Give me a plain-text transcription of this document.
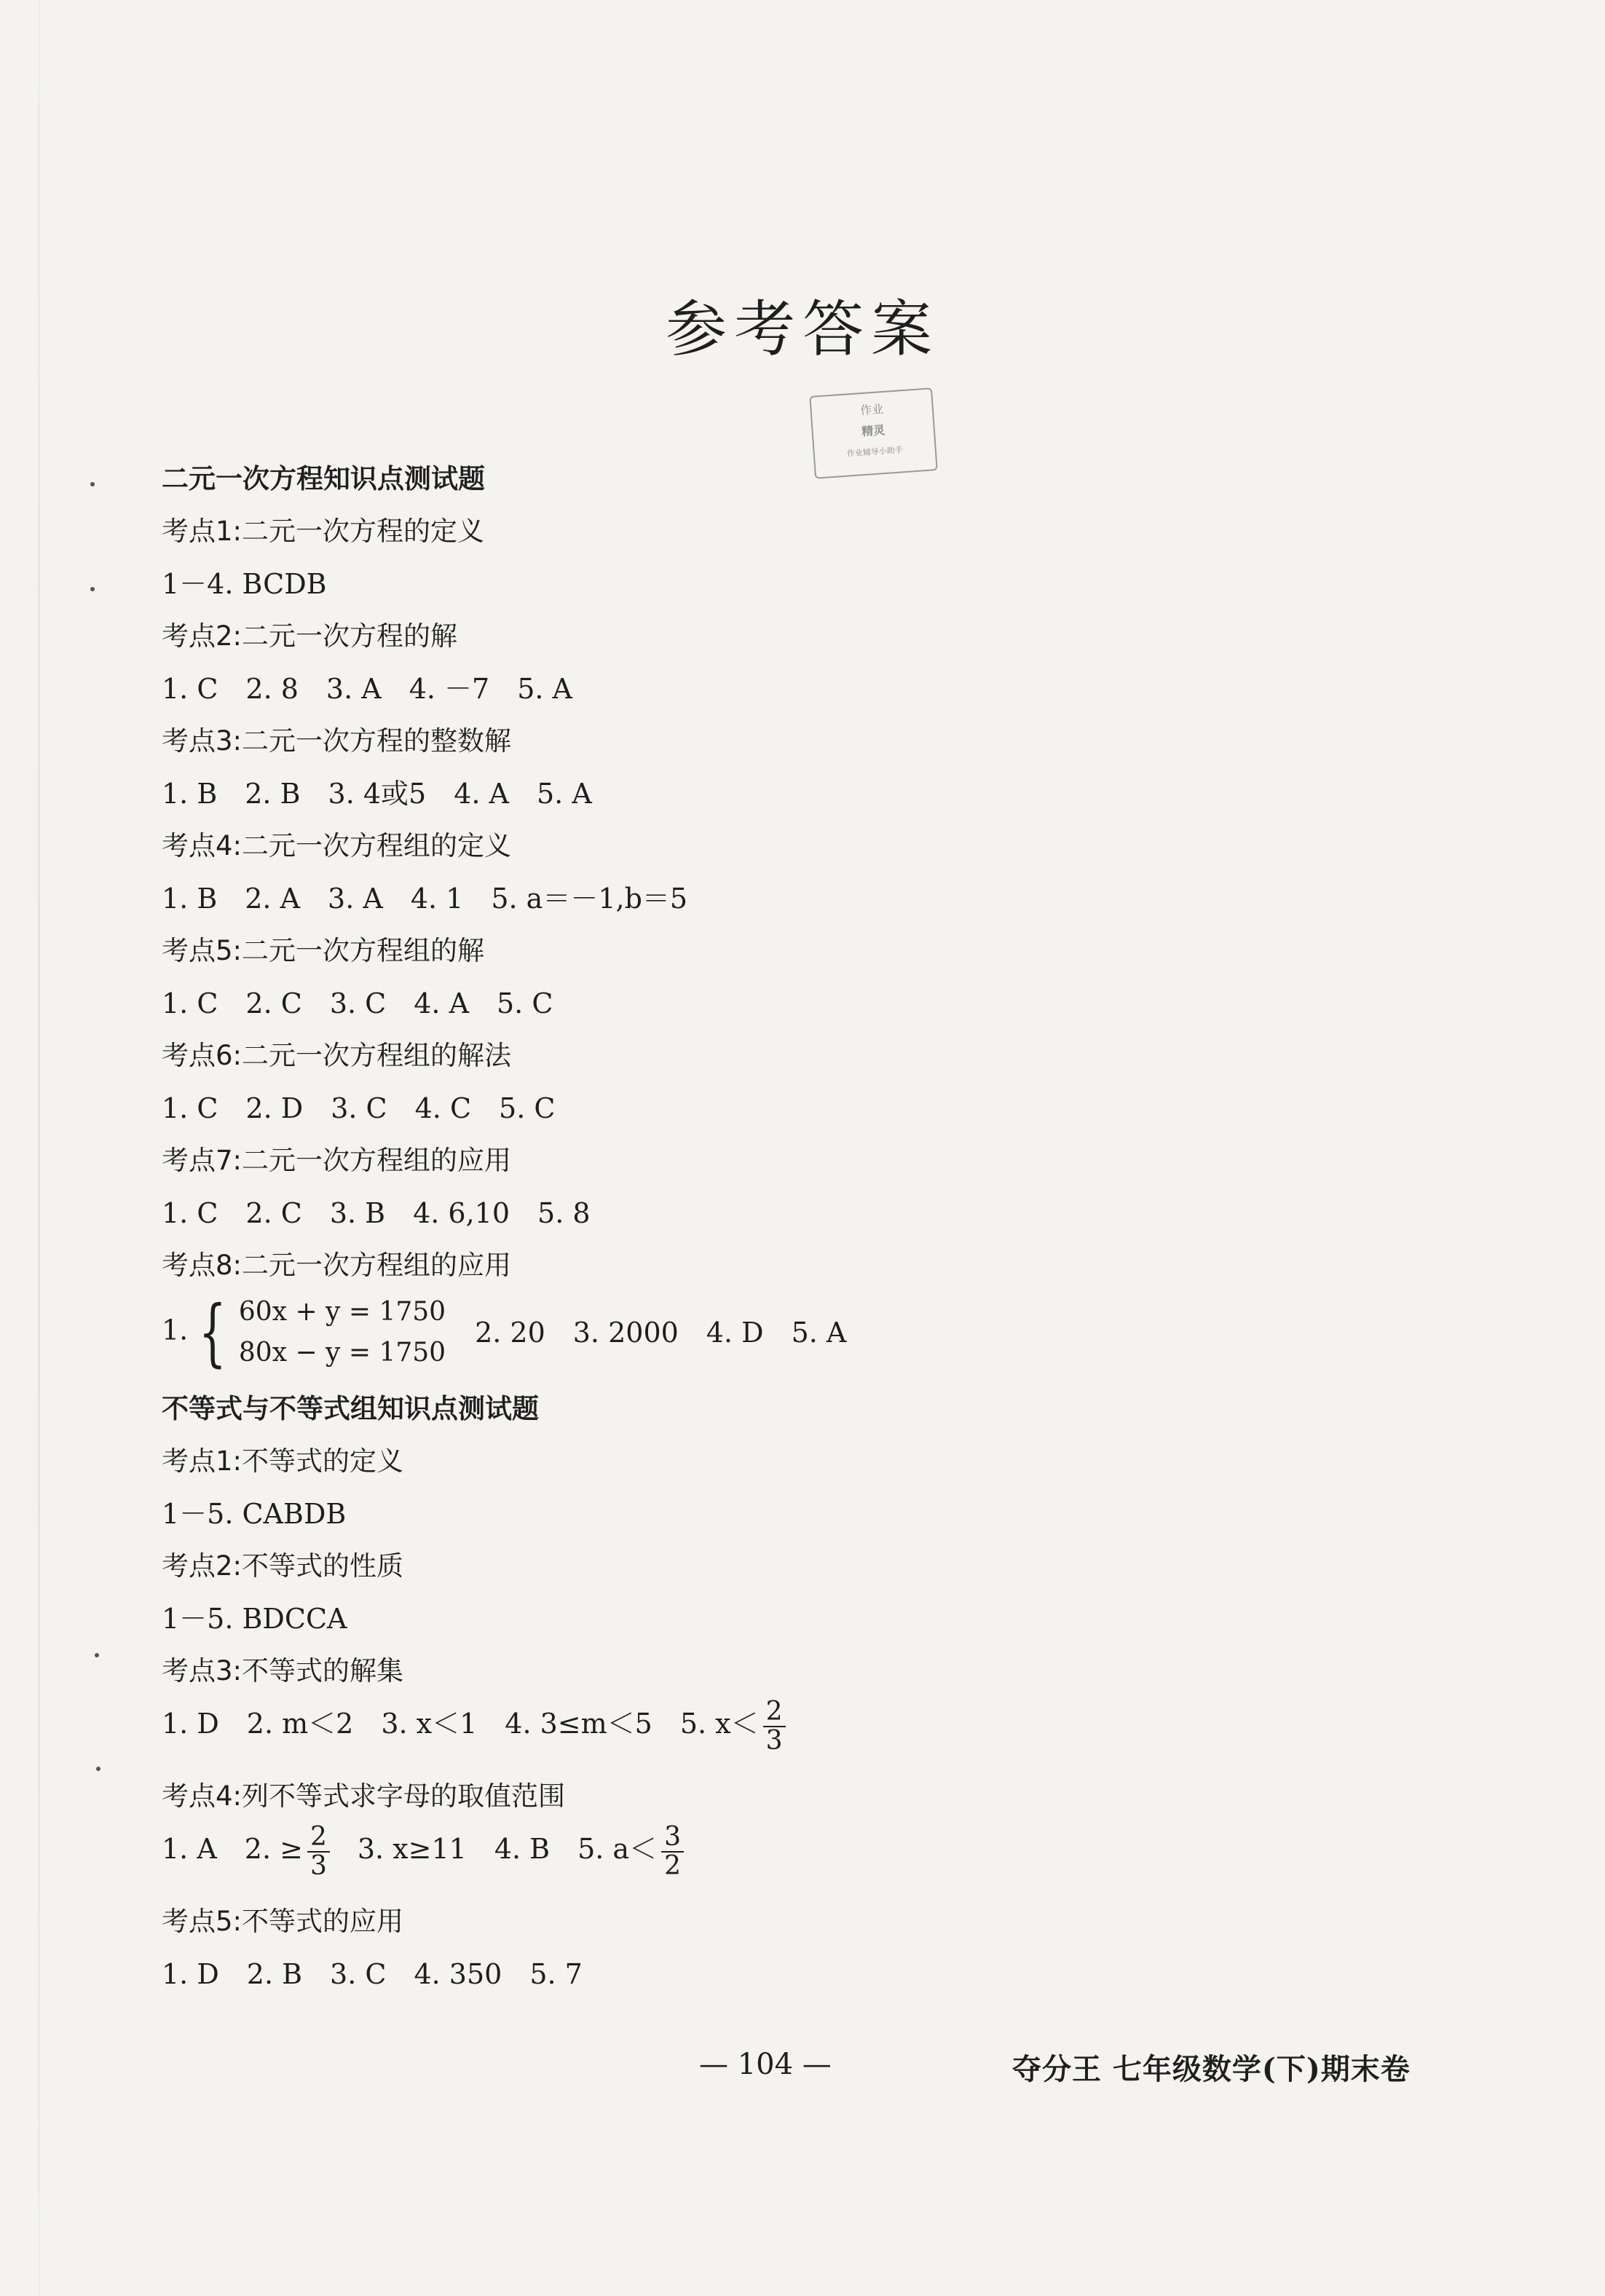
参考答案
作业
精灵
作业辅导小助手
二元一次方程知识点测试题
考点1:二元一次方程的定义
1－4. BCDB
考点2:二元一次方程的解
1. C　2. 8　3. A　4. －7　5. A
考点3:二元一次方程的整数解
1. B　2. B　3. 4或5　4. A　5. A
考点4:二元一次方程组的定义
1. B　2. A　3. A　4. 1　5. a＝－1,b＝5
考点5:二元一次方程组的解
1. C　2. C　3. C　4. A　5. C
考点6:二元一次方程组的解法
1. C　2. D　3. C　4. C　5. C
考点7:二元一次方程组的应用
1. C　2. C　3. B　4. 6,10　5. 8
考点8:二元一次方程组的应用
1. { 60x + y = 1750
80x − y = 1750
2. 20　3. 2000　4. D　5. A
不等式与不等式组知识点测试题
考点1:不等式的定义
1－5. CABDB
考点2:不等式的性质
1－5. BDCCA
考点3:不等式的解集
1. D　2. m＜2　3. x＜1　4. 3≤m＜5　5. $x< \frac{2}{3}$
考点4:列不等式求字母的取值范围
1. A　2. ≥ $\frac{2}{3}$ 　3. x≥11　4. B　5. $a< \frac{3}{2}$
考点5:不等式的应用
1. D　2. B　3. C　4. 350　5. 7
— 104 —	夺分王 七年级数学(下)期末卷
